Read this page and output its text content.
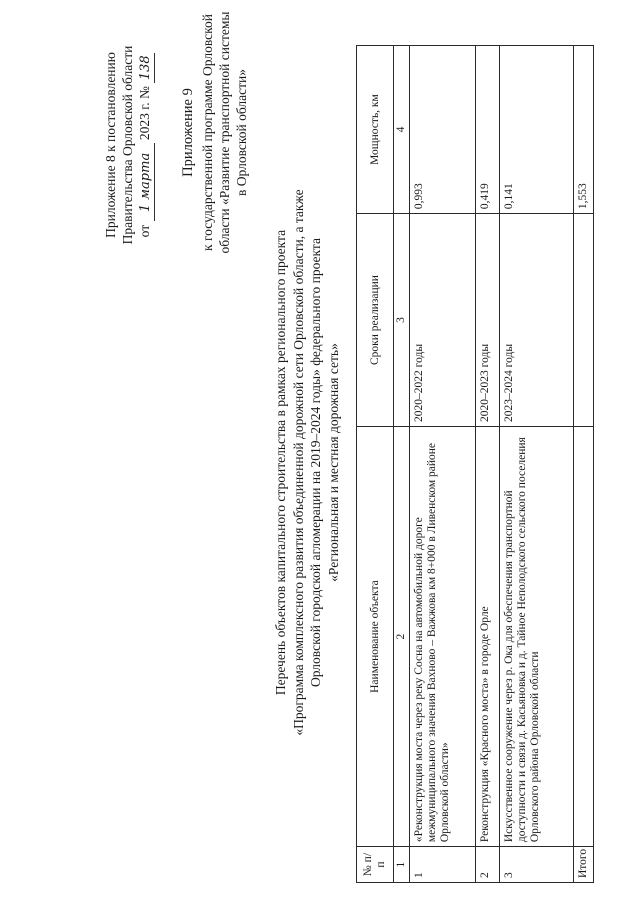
Приложение 8 к постановлению Правительства Орловской области от 1 марта 2023 г. № 138
Приложение 9 к государственной программе Орловской области «Развитие транспортной системы в Орловской области»
Перечень объектов капитального строительства в рамках регионального проекта «Программа комплексного развития объединенной дорожной сети Орловской области, а также Орловской городской агломерации на 2019–2024 годы» федерального проекта «Региональная и местная дорожная сеть»
№ п/п	Наименование объекта	Сроки реализации	Мощность, км
1	2	3	4
1	«Реконструкция моста через реку Сосна на автомобильной дороге межмуниципального значения Вахново – Важжова км 8+000 в Ливенском районе Орловской области»	2020–2022 годы	0,993
2	Реконструкция «Красного моста» в городе Орле	2020–2023 годы	0,419
3	Искусственное сооружение через р. Ока для обеспечения транспортной доступности и связи д. Касьяновка и д. Тайное Неполодского сельского поселения Орловского района Орловской области	2023–2024 годы	0,141
Итого			1,553
